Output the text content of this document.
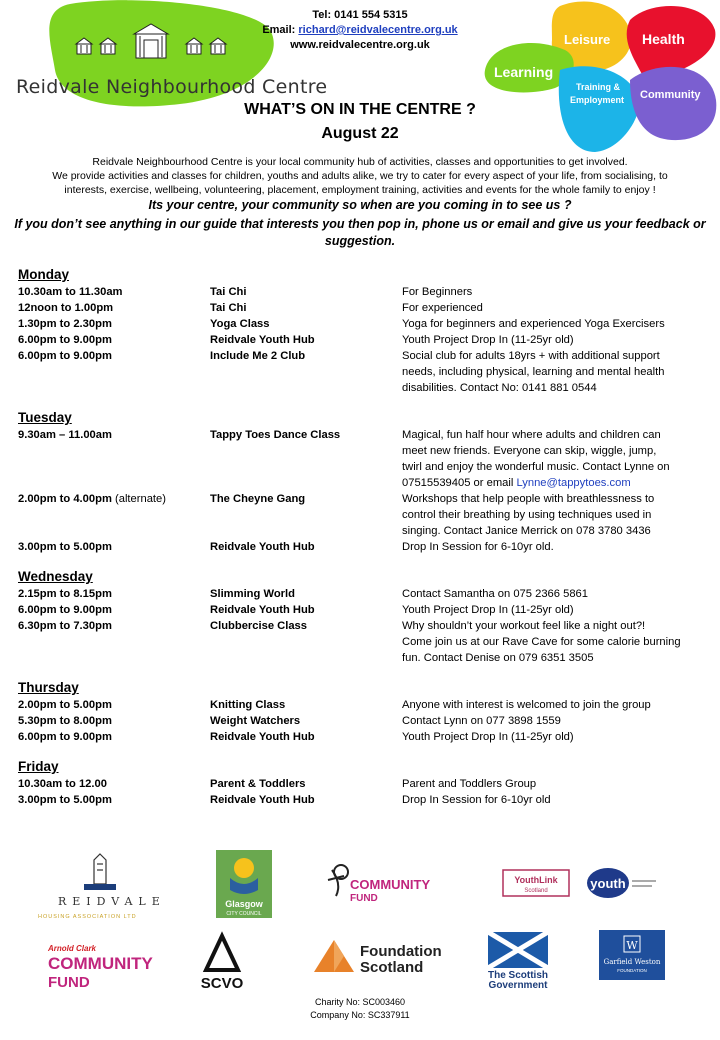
Reidvale Neighbourhood Centre
Tel: 0141 554 5315
Email: richard@reidvalecentre.org.uk
www.reidvalecentre.org.uk	Leisure Health
Learning
Training &
Employment Community
WHAT’S ON IN THE CENTRE ?
August 22
Reidvale Neighbourhood Centre is your local community hub of activities, classes and opportunities to get involved.
We provide activities and classes for children, youths and adults alike, we try to cater for every aspect of your life, from socialising, to
interests, exercise, wellbeing, volunteering, placement, employment training, activities and events for the whole family to enjoy !
Its your centre, your community so when are you coming in to see us ?
If you don’t see anything in our guide that interests you then pop in, phone us or email and give us your feedback or suggestion.
Monday
10.30am to 11.30am	Tai Chi	For Beginners
12noon to 1.00pm	Tai Chi	For experienced
1.30pm to 2.30pm	Yoga Class	Yoga for beginners and experienced Yoga Exercisers
6.00pm to 9.00pm	Reidvale Youth Hub	Youth Project Drop In (11-25yr old)
6.00pm to 9.00pm	Include Me 2 Club	Social club for adults 18yrs + with additional support
needs, including physical, learning and mental health
disabilities. Contact No: 0141 881 0544
Tuesday
9.30am – 11.00am	Tappy Toes Dance Class	Magical, fun half hour where adults and children can
meet new friends. Everyone can skip, wiggle, jump,
twirl and enjoy the wonderful music. Contact Lynne on
07515539405 or email Lynne@tappytoes.com
2.00pm to 4.00pm (alternate)	The Cheyne Gang	Workshops that help people with breathlessness to
control their breathing by using techniques used in
singing. Contact Janice Merrick on 078 3780 3436
3.00pm to 5.00pm	Reidvale Youth Hub	Drop In Session for 6-10yr old.
Wednesday
2.15pm to 8.15pm	Slimming World	Contact Samantha on 075 2366 5861
6.00pm to 9.00pm	Reidvale Youth Hub	Youth Project Drop In (11-25yr old)
6.30pm to 7.30pm	Clubbercise Class	Why shouldn’t your workout feel like a night out?!
Come join us at our Rave Cave for some calorie burning
fun. Contact Denise on 079 6351 3505
Thursday
2.00pm to 5.00pm	Knitting Class	Anyone with interest is welcomed to join the group
5.30pm to 8.00pm	Weight Watchers	Contact Lynn on 077 3898 1559
6.00pm to 9.00pm	Reidvale Youth Hub	Youth Project Drop In (11-25yr old)
Friday
10.30am to 12.00	Parent & Toddlers	Parent and Toddlers Group
3.00pm to 5.00pm	Reidvale Youth Hub	Drop In Session for 6-10yr old
REIDVALE
HOUSING ASSOCIATION LTD
Glasgow
CITY COUNCIL
COMMUNITY
FUND
YouthLink
Scotland	youth
Arnold Clark
COMMUNITY
FUND	SCVO
Foundation
Scotland	The Scottish
Government
W
Garfield Weston
FOUNDATION
Charity No: SC003460
Company No: SC337911
